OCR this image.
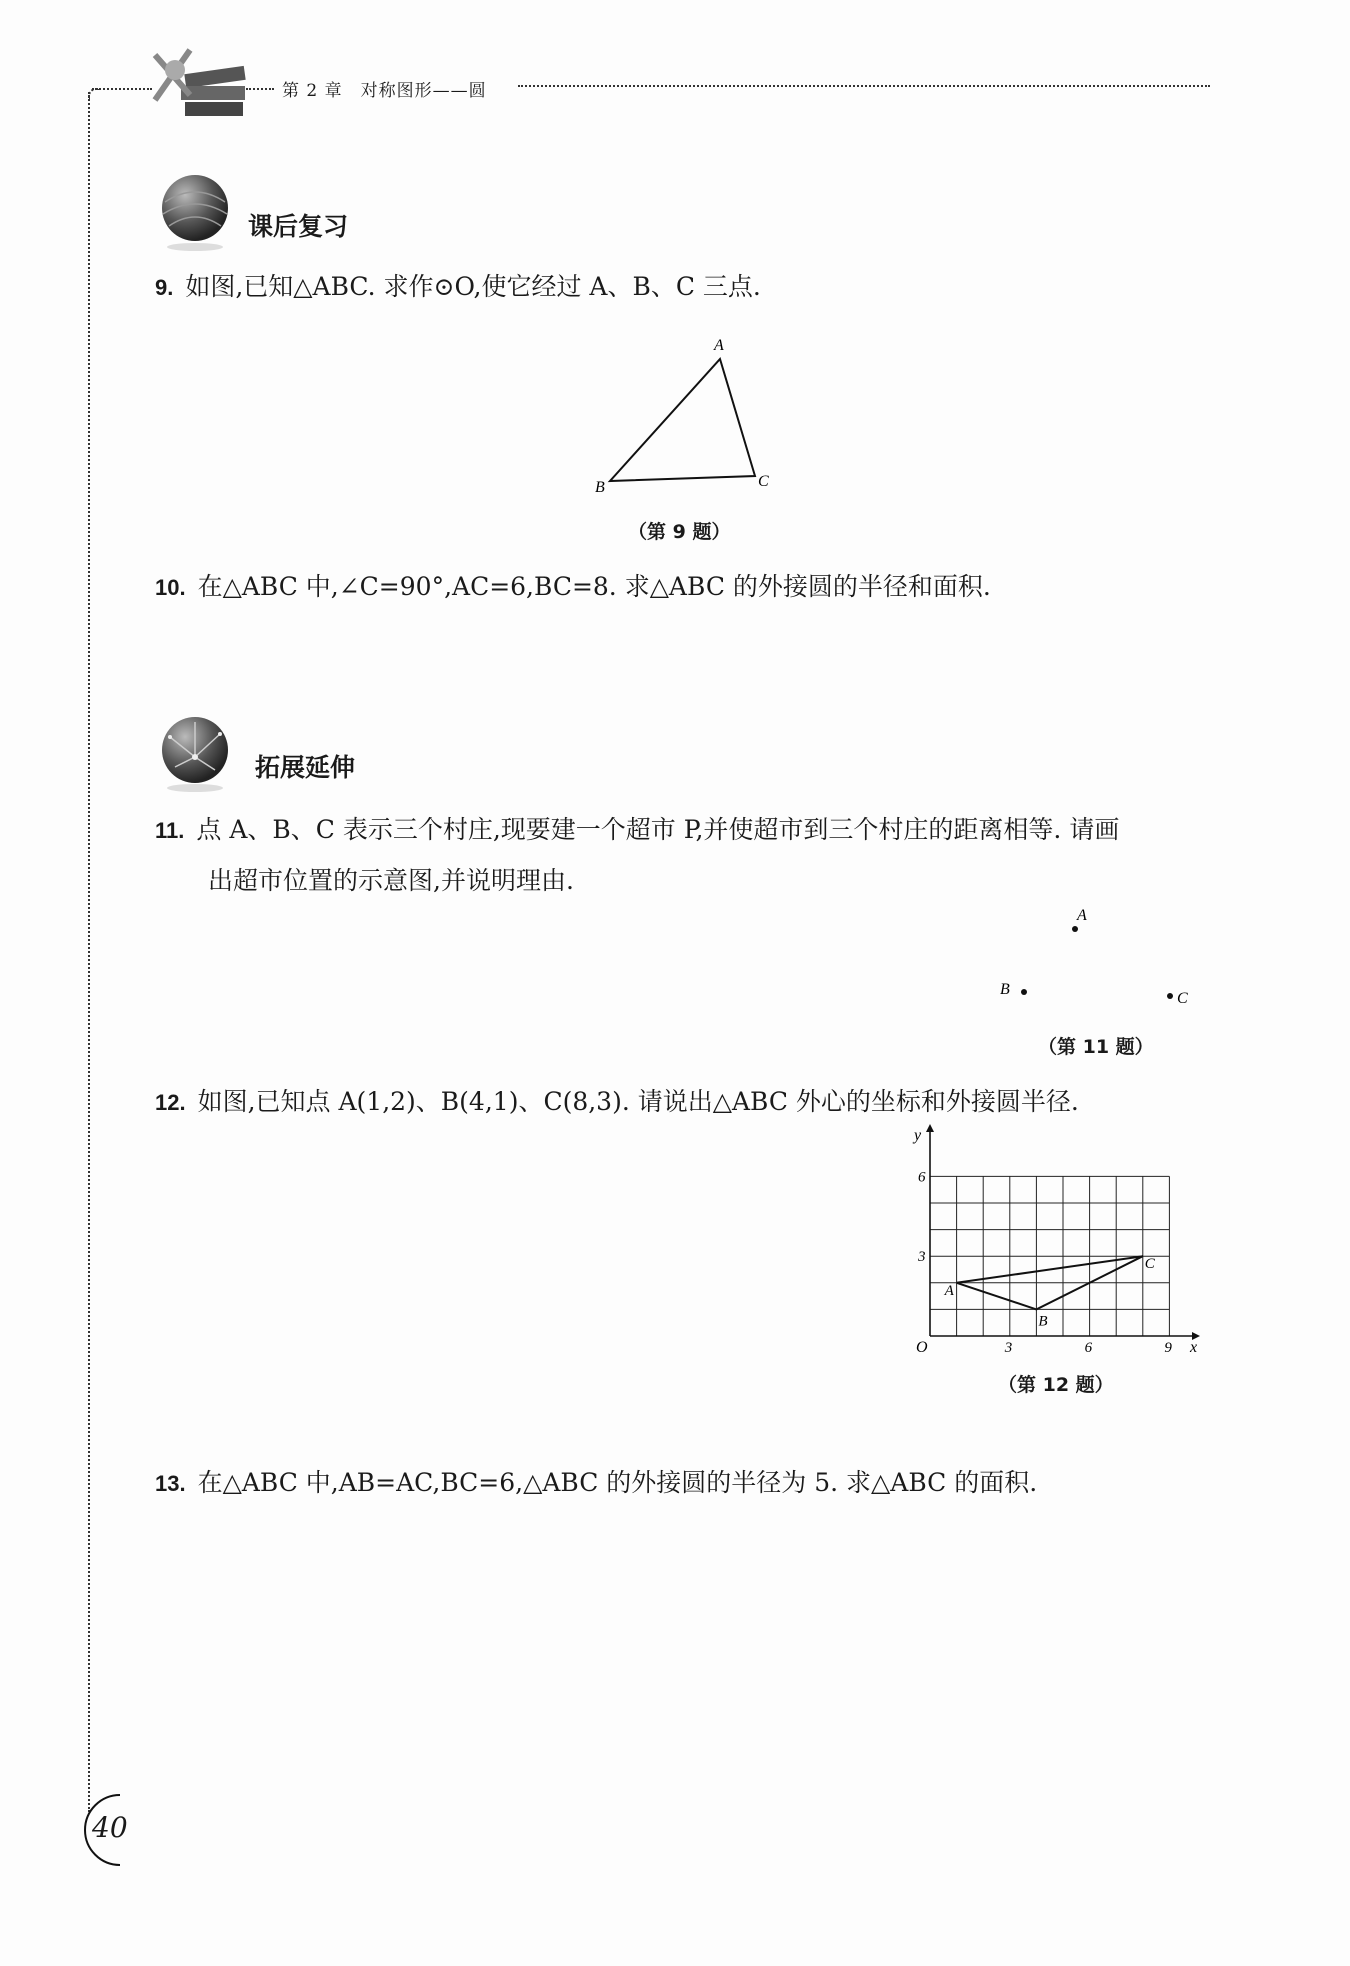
第 2 章　对称图形——圆
课后复习
9. 如图,已知△ABC. 求作⊙O,使它经过 A、B、C 三点.
A
B	C
（第 9 题）
10. 在△ABC 中,∠C=90°,AC=6,BC=8. 求△ABC 的外接圆的半径和面积.
拓展延伸
11. 点 A、B、C 表示三个村庄,现要建一个超市 P,并使超市到三个村庄的距离相等. 请画
出超市位置的示意图,并说明理由.
A
B
C
（第 11 题）
12. 如图,已知点 A(1,2)、B(4,1)、C(8,3). 请说出△ABC 外心的坐标和外接圆半径.
y
x
O	3	6	9
3
6
A
B
C
（第 12 题）
13. 在△ABC 中,AB=AC,BC=6,△ABC 的外接圆的半径为 5. 求△ABC 的面积.
40
